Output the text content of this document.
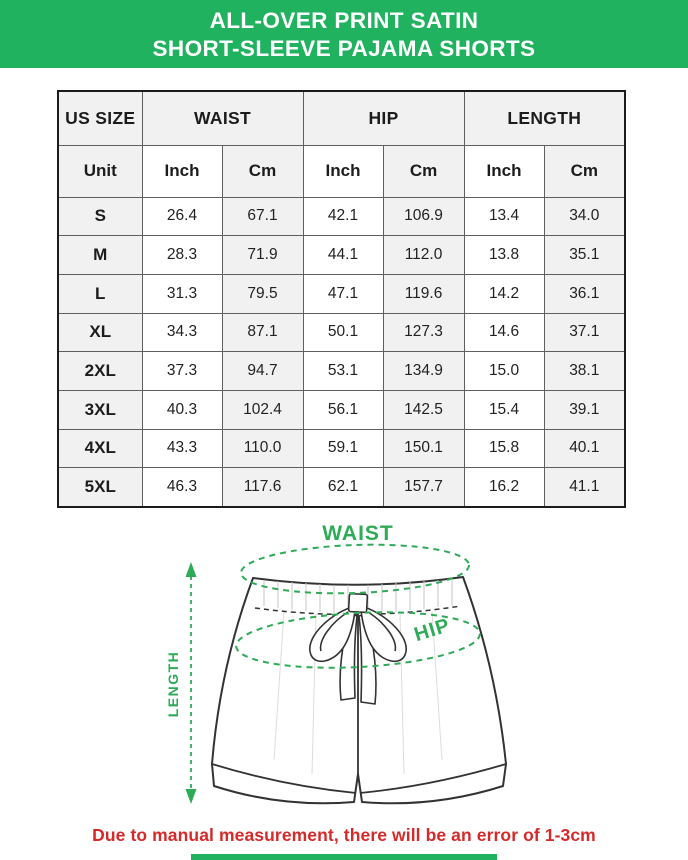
ALL-OVER PRINT SATIN
SHORT-SLEEVE PAJAMA SHORTS
US SIZE	WAIST		HIP		LENGTH	
Unit	Inch	Cm	Inch	Cm	Inch	Cm
S	26.4	67.1	42.1	106.9	13.4	34.0
M	28.3	71.9	44.1	112.0	13.8	35.1
L	31.3	79.5	47.1	119.6	14.2	36.1
XL	34.3	87.1	50.1	127.3	14.6	37.1
2XL	37.3	94.7	53.1	134.9	15.0	38.1
3XL	40.3	102.4	56.1	142.5	15.4	39.1
4XL	43.3	110.0	59.1	150.1	15.8	40.1
5XL	46.3	117.6	62.1	157.7	16.2	41.1
WAIST
HIP
LENGTH
Due to manual measurement, there will be an error of 1-3cm
